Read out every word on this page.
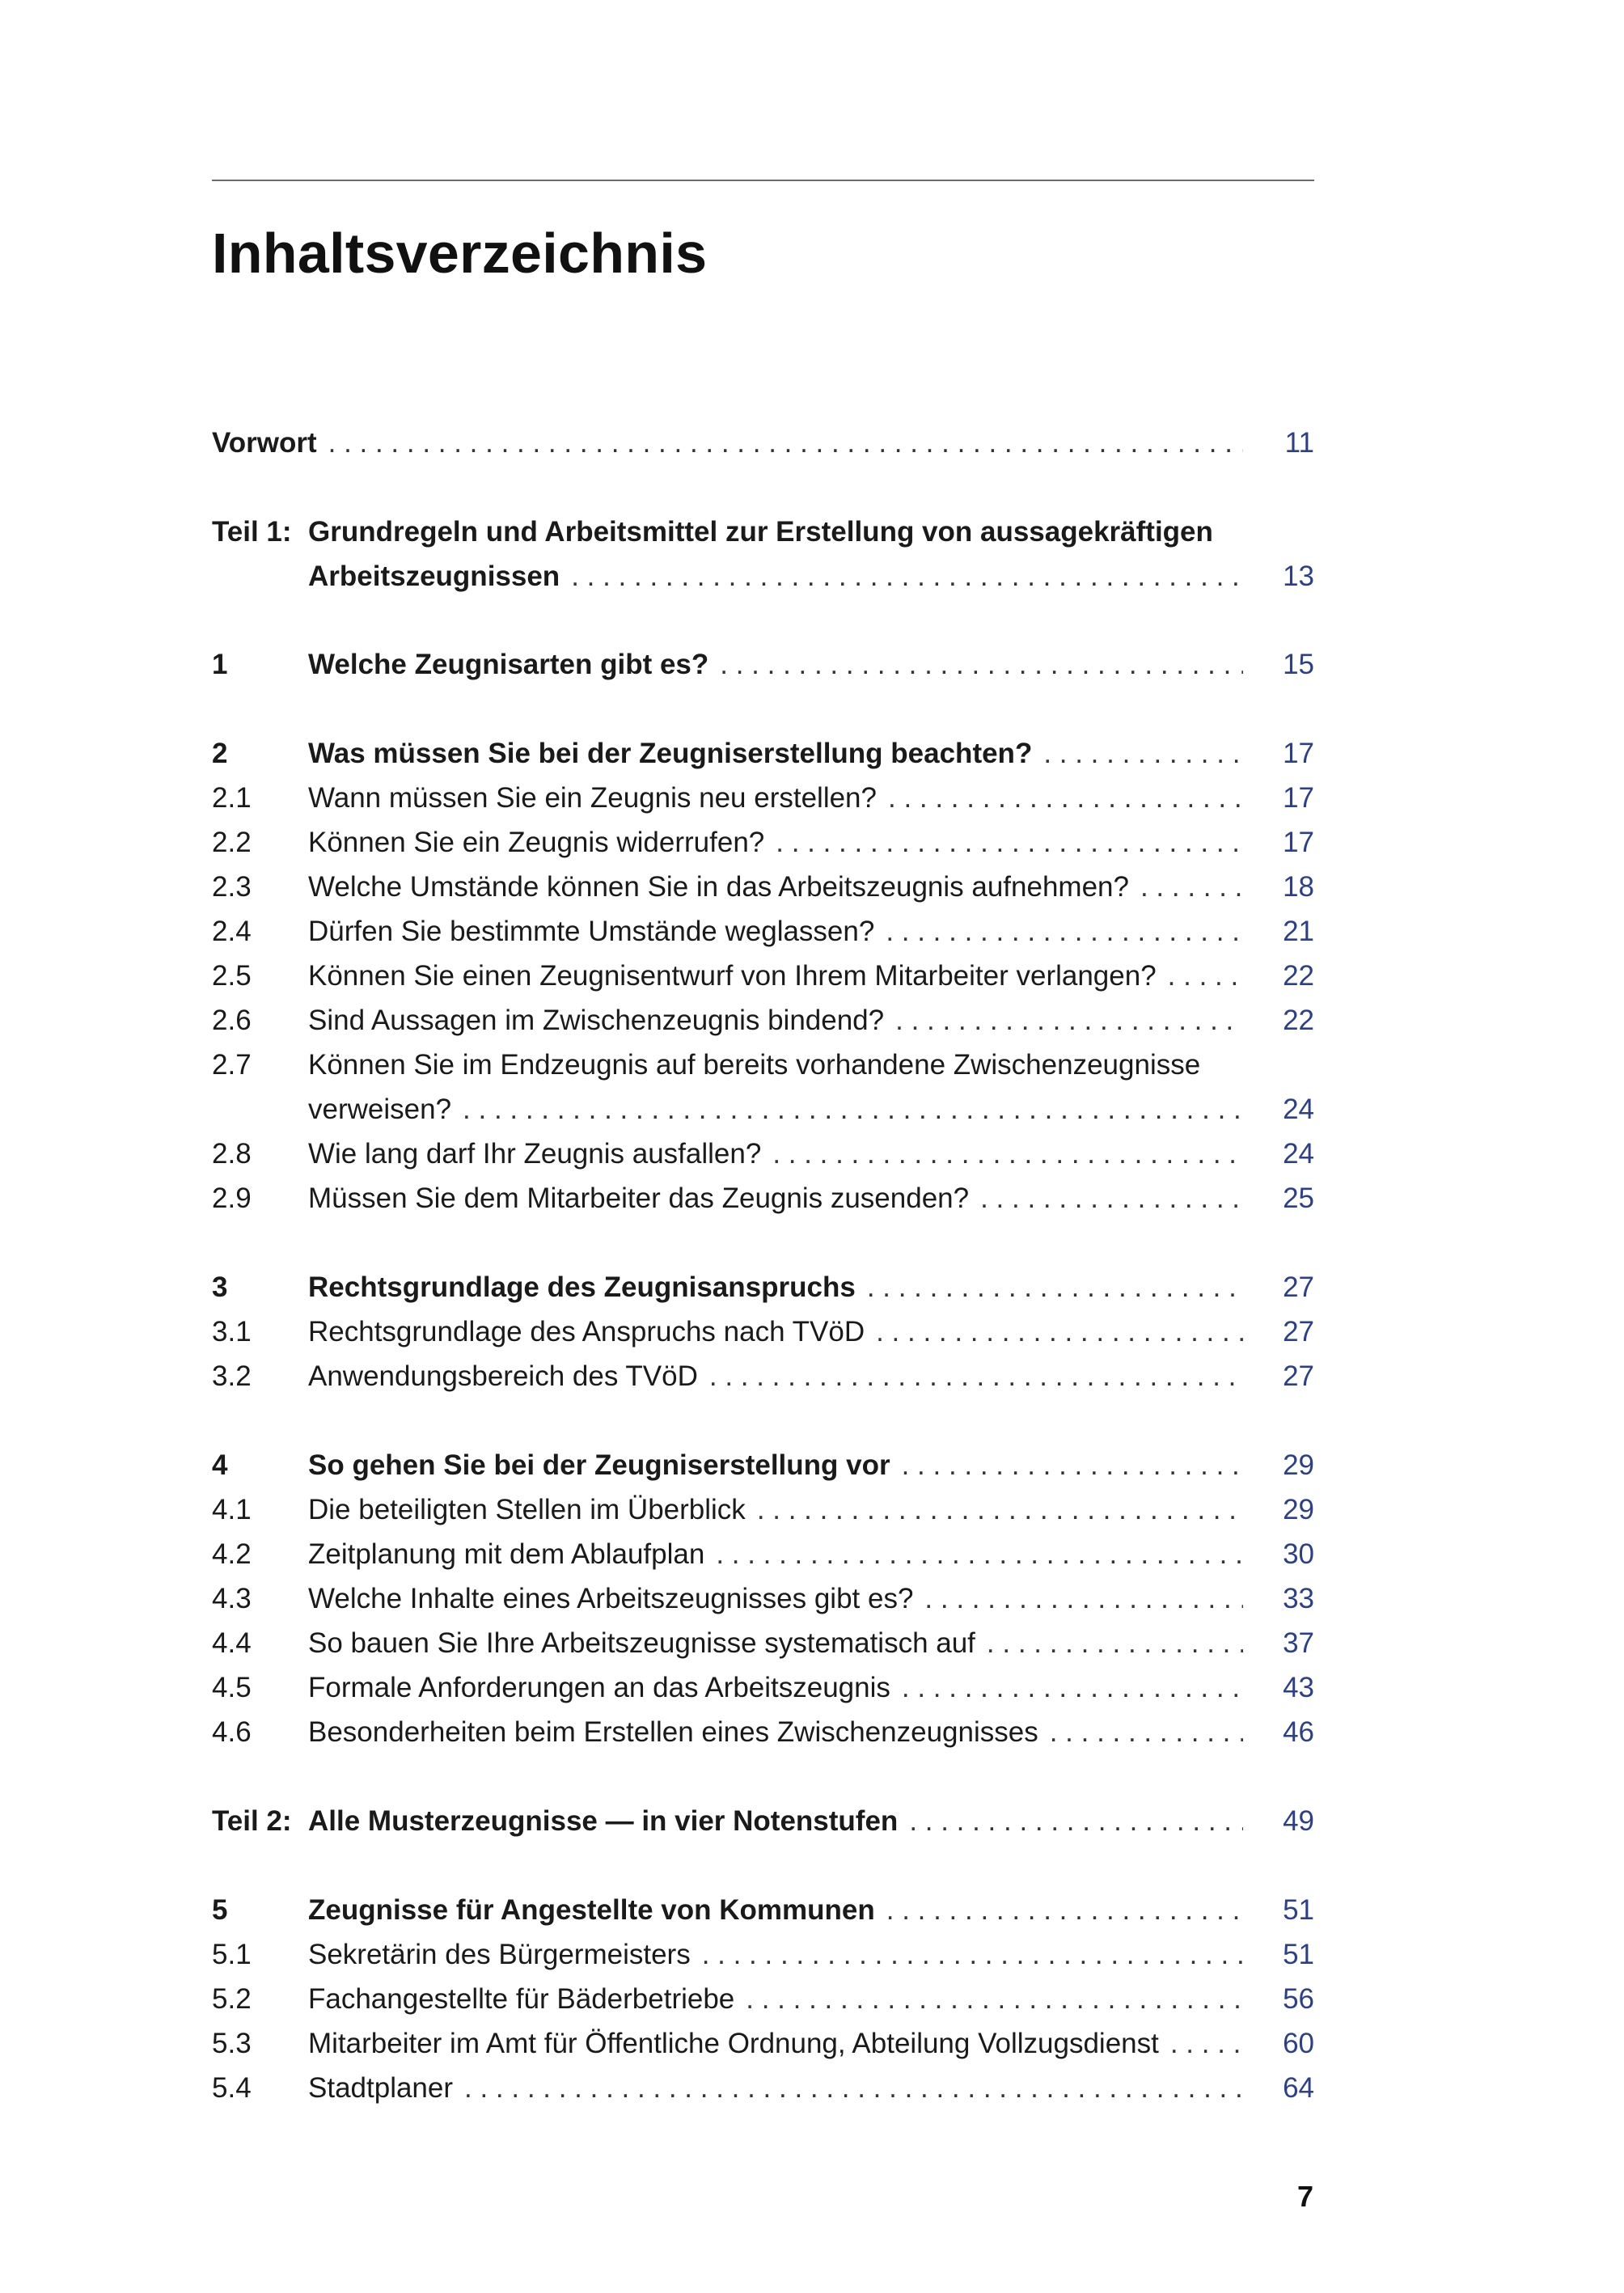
Inhaltsverzeichnis
Vorwort . . .	11
Teil 1: Grundregeln und Arbeitsmittel zur Erstellung von aussagekräftigen
Arbeitszeugnissen . . .	13
1	Welche Zeugnisarten gibt es? . . .	15
2	Was müssen Sie bei der Zeugniserstellung beachten? . . .	17
2.1 Wann müssen Sie ein Zeugnis neu erstellen? . . .	17
2.2 Können Sie ein Zeugnis widerrufen? . . .	17
2.3 Welche Umstände können Sie in das Arbeitszeugnis aufnehmen? . . .	18
2.4 Dürfen Sie bestimmte Umstände weglassen? . . .	21
2.5 Können Sie einen Zeugnisentwurf von Ihrem Mitarbeiter verlangen? . . .	22
2.6 Sind Aussagen im Zwischenzeugnis bindend? . . .	22
2.7 Können Sie im Endzeugnis auf bereits vorhandene Zwischenzeugnisse
verweisen? . . .	24
2.8 Wie lang darf Ihr Zeugnis ausfallen? . . .	24
2.9 Müssen Sie dem Mitarbeiter das Zeugnis zusenden? . . .	25
3	Rechtsgrundlage des Zeugnisanspruchs . . .	27
3.1 Rechtsgrundlage des Anspruchs nach TVöD . . .	27
3.2 Anwendungsbereich des TVöD . . .	27
4	So gehen Sie bei der Zeugniserstellung vor . . .	29
4.1 Die beteiligten Stellen im Überblick . . .	29
4.2 Zeitplanung mit dem Ablaufplan . . .	30
4.3 Welche Inhalte eines Arbeitszeugnisses gibt es? . . .	33
4.4 So bauen Sie Ihre Arbeitszeugnisse systematisch auf . . .	37
4.5 Formale Anforderungen an das Arbeitszeugnis . . .	43
4.6 Besonderheiten beim Erstellen eines Zwischenzeugnisses . . .	46
Teil 2: Alle Musterzeugnisse — in vier Notenstufen . . .	49
5	Zeugnisse für Angestellte von Kommunen . . .	51
5.1 Sekretärin des Bürgermeisters . . .	51
5.2 Fachangestellte für Bäderbetriebe . . .	56
5.3 Mitarbeiter im Amt für Öffentliche Ordnung, Abteilung Vollzugsdienst . . .	60
5.4 Stadtplaner . . .	64
7
